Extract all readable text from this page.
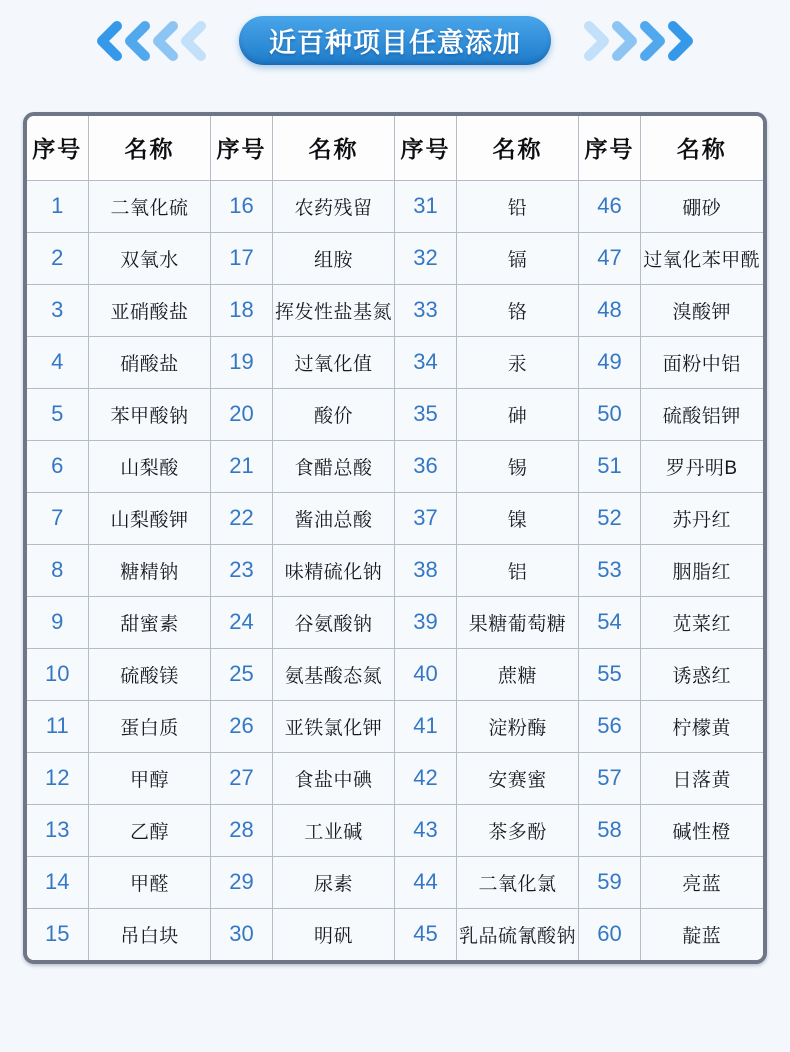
近百种项目任意添加
序号	名称	序号	名称	序号	名称	序号	名称
1	二氧化硫	16	农药残留	31	铅	46	硼砂
2	双氧水	17	组胺	32	镉	47	过氧化苯甲酰
3	亚硝酸盐	18	挥发性盐基氮	33	铬	48	溴酸钾
4	硝酸盐	19	过氧化值	34	汞	49	面粉中铝
5	苯甲酸钠	20	酸价	35	砷	50	硫酸铝钾
6	山梨酸	21	食醋总酸	36	锡	51	罗丹明B
7	山梨酸钾	22	酱油总酸	37	镍	52	苏丹红
8	糖精钠	23	味精硫化钠	38	铝	53	胭脂红
9	甜蜜素	24	谷氨酸钠	39	果糖葡萄糖	54	苋菜红
10	硫酸镁	25	氨基酸态氮	40	蔗糖	55	诱惑红
11	蛋白质	26	亚铁氯化钾	41	淀粉酶	56	柠檬黄
12	甲醇	27	食盐中碘	42	安赛蜜	57	日落黄
13	乙醇	28	工业碱	43	茶多酚	58	碱性橙
14	甲醛	29	尿素	44	二氧化氯	59	亮蓝
15	吊白块	30	明矾	45	乳品硫氰酸钠	60	靛蓝
